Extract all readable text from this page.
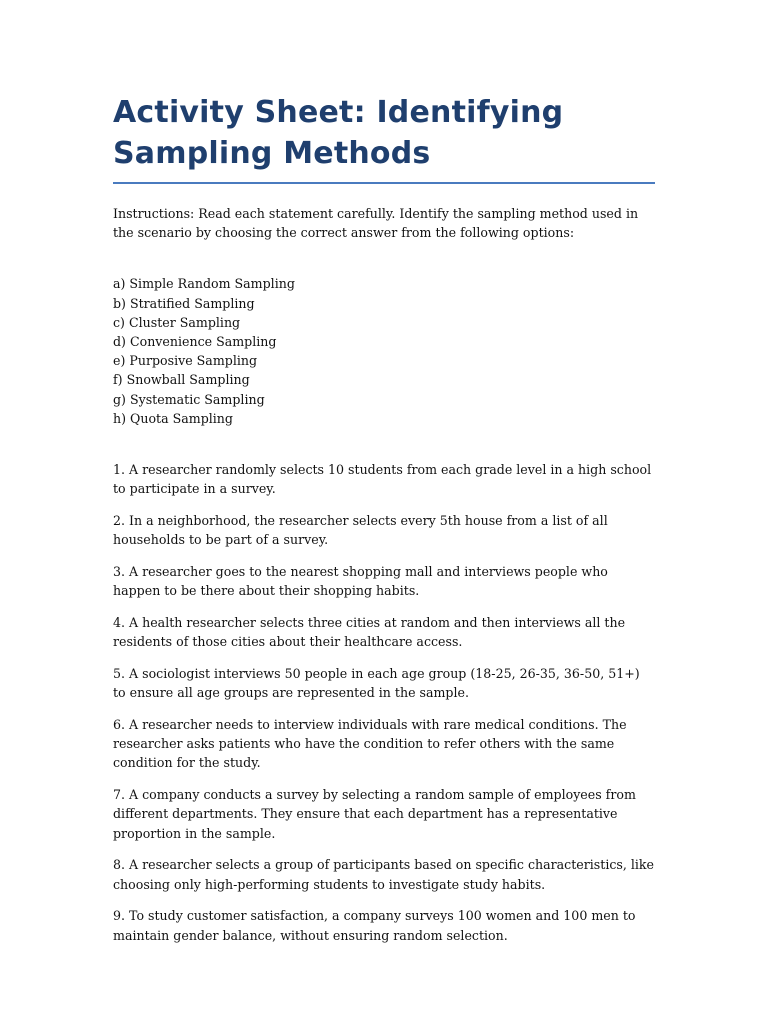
Activity Sheet: Identifying Sampling Methods
Instructions: Read each statement carefully. Identify the sampling method used in the scenario by choosing the correct answer from the following options:
a) Simple Random Sampling
b) Stratified Sampling
c) Cluster Sampling
d) Convenience Sampling
e) Purposive Sampling
f) Snowball Sampling
g) Systematic Sampling
h) Quota Sampling
1. A researcher randomly selects 10 students from each grade level in a high school to participate in a survey.
2. In a neighborhood, the researcher selects every 5th house from a list of all households to be part of a survey.
3. A researcher goes to the nearest shopping mall and interviews people who happen to be there about their shopping habits.
4. A health researcher selects three cities at random and then interviews all the residents of those cities about their healthcare access.
5. A sociologist interviews 50 people in each age group (18-25, 26-35, 36-50, 51+) to ensure all age groups are represented in the sample.
6. A researcher needs to interview individuals with rare medical conditions. The researcher asks patients who have the condition to refer others with the same condition for the study.
7. A company conducts a survey by selecting a random sample of employees from different departments. They ensure that each department has a representative proportion in the sample.
8. A researcher selects a group of participants based on specific characteristics, like choosing only high-performing students to investigate study habits.
9. To study customer satisfaction, a company surveys 100 women and 100 men to maintain gender balance, without ensuring random selection.
